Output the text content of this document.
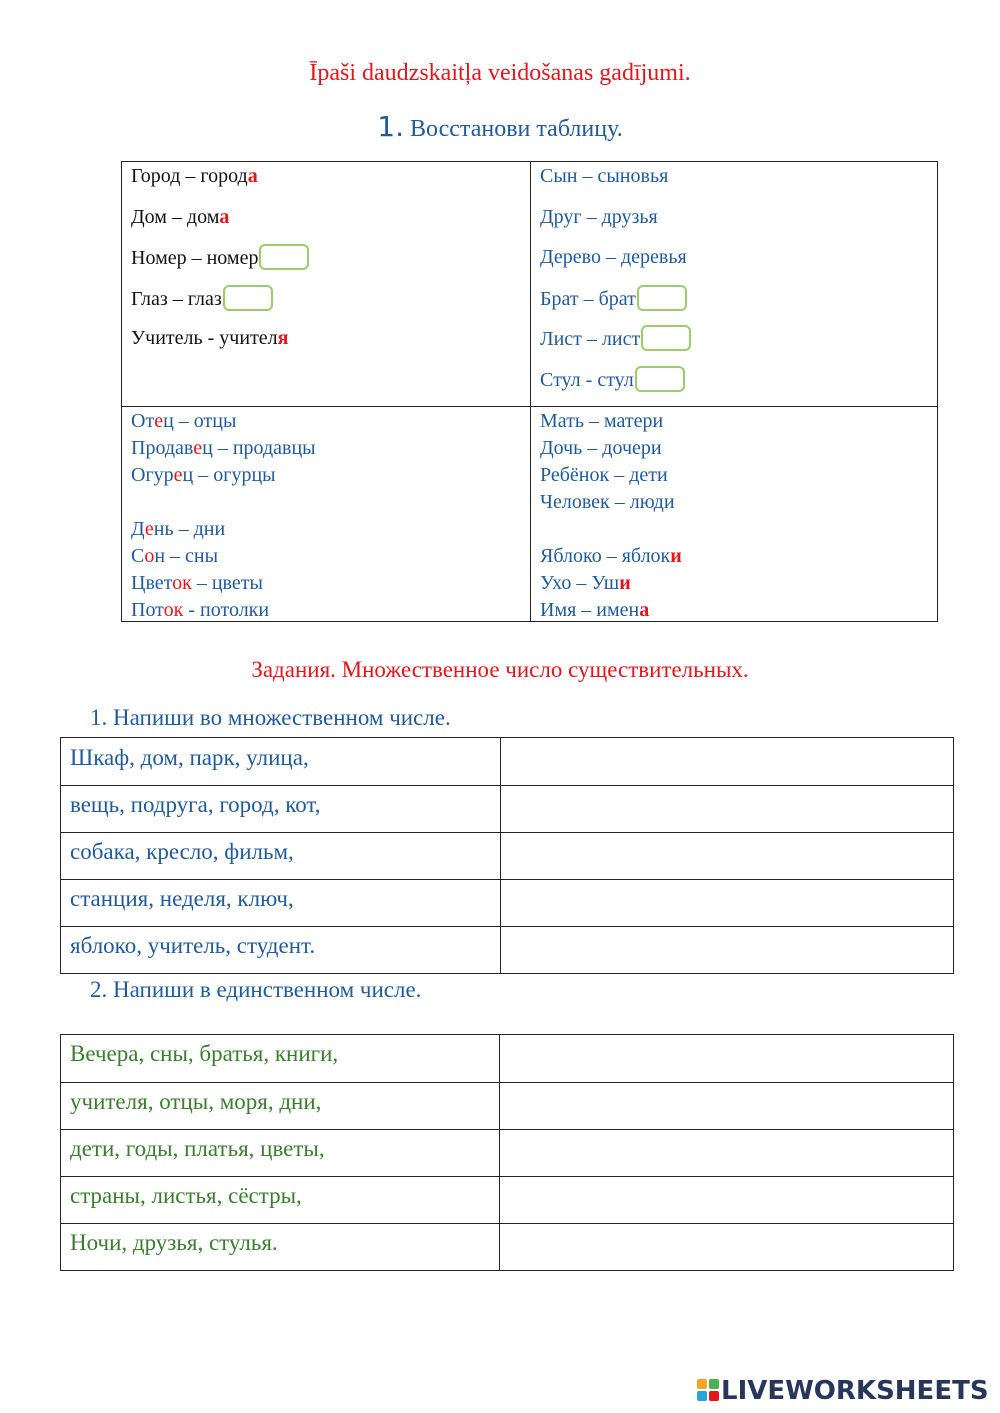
Īpaši daudzskaitļa veidošanas gadījumi.
1. Восстанови таблицу.
Город – города
Дом – дома
Номер – номер
Глаз – глаз
Учитель - учителя
Сын – сыновья
Друг – друзья
Дерево – деревья
Брат – брат
Лист – лист
Стул - стул
Отец – отцы
Продавец – продавцы
Огурец – огурцы
День – дни
Сон – сны
Цветок – цветы
Поток - потолки
Мать – матери
Дочь – дочери
Ребёнок – дети
Человек – люди
Яблоко – яблоки
Ухо – Уши
Имя – имена
Задания. Множественное число существительных.
1. Напиши во множественном числе.
Шкаф, дом, парк, улица,
вещь, подруга, город, кот,
собака, кресло, фильм,
станция, неделя, ключ,
яблоко, учитель, студент.
2. Напиши в единственном числе.
Вечера, сны, братья, книги,
учителя, отцы, моря, дни,
дети, годы, платья, цветы,
страны, листья, сёстры,
Ночи, друзья, стулья.
LIVEWORKSHEETS
